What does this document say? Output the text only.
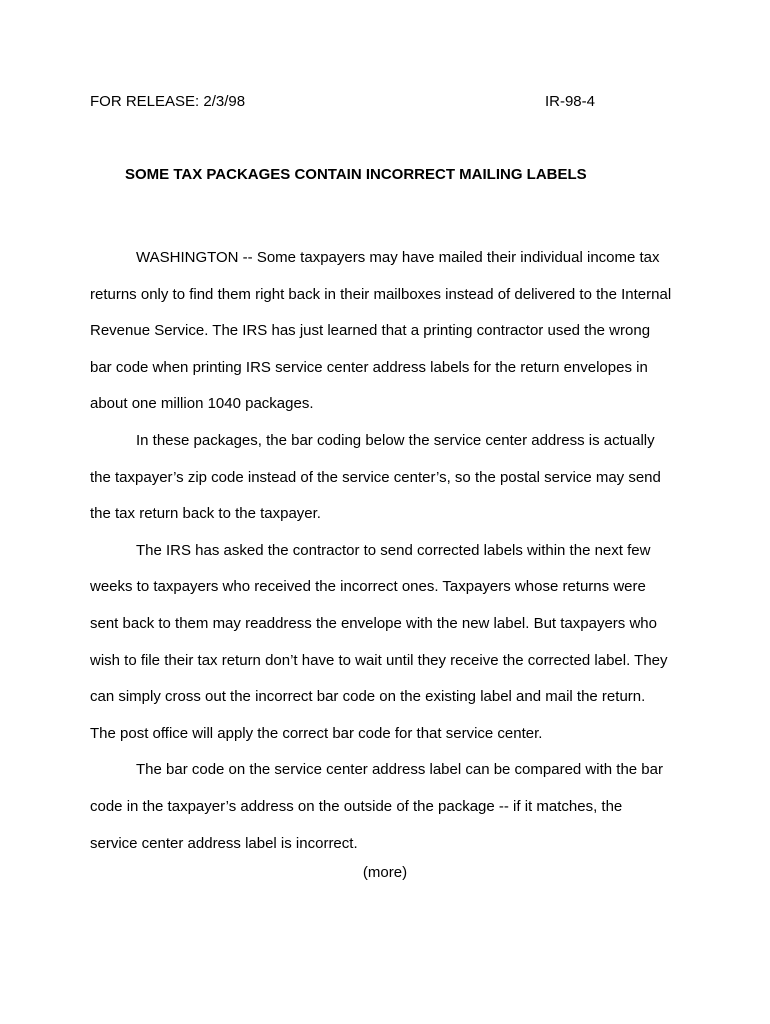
FOR RELEASE: 2/3/98	IR-98-4
SOME TAX PACKAGES CONTAIN INCORRECT MAILING LABELS

WASHINGTON -- Some taxpayers may have mailed their individual income tax returns only to find them right back in their mailboxes instead of delivered to the Internal Revenue Service. The IRS has just learned that a printing contractor used the wrong bar code when printing IRS service center address labels for the return envelopes in about one million 1040 packages.

In these packages, the bar coding below the service center address is actually the taxpayer’s zip code instead of the service center’s, so the postal service may send the tax return back to the taxpayer.

The IRS has asked the contractor to send corrected labels within the next few weeks to taxpayers who received the incorrect ones. Taxpayers whose returns were sent back to them may readdress the envelope with the new label. But taxpayers who wish to file their tax return don’t have to wait until they receive the corrected label. They can simply cross out the incorrect bar code on the existing label and mail the return. The post office will apply the correct bar code for that service center.

The bar code on the service center address label can be compared with the bar code in the taxpayer’s address on the outside of the package -- if it matches, the service center address label is incorrect.

(more)
